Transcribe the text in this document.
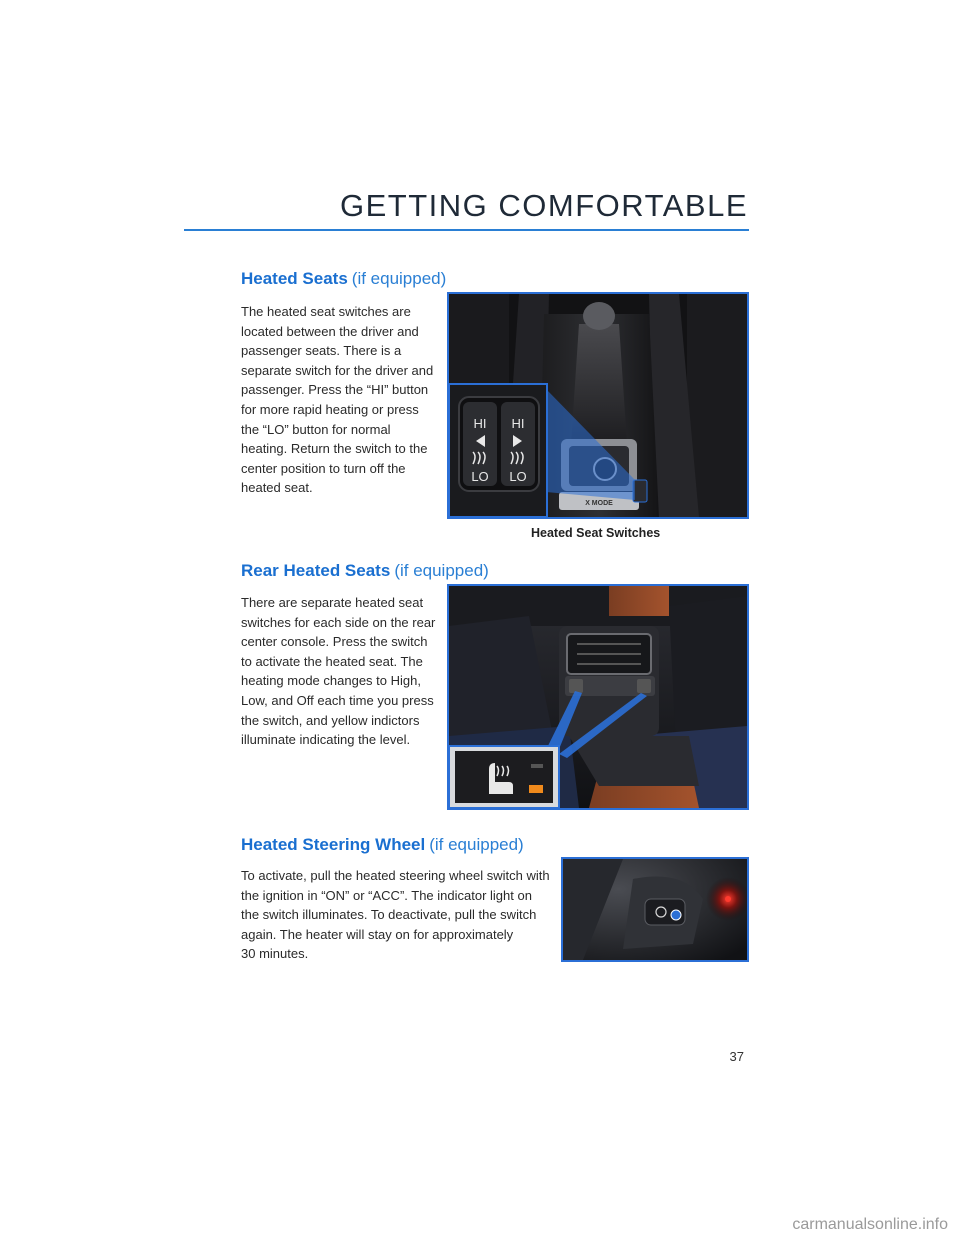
GETTING COMFORTABLE
Heated Seats (if equipped)
The heated seat switches are
located between the driver and
passenger seats. There is a
separate switch for the driver and
passenger. Press the “HI” button
for more rapid heating or press
the “LO” button for normal
heating. Return the switch to the
center position to turn off the
heated seat.
X MODE
HI HI
LO LO
Heated Seat Switches
Rear Heated Seats (if equipped)
There are separate heated seat
switches for each side on the rear
center console. Press the switch
to activate the heated seat. The
heating mode changes to High,
Low, and Off each time you press
the switch, and yellow indictors
illuminate indicating the level.
Heated Steering Wheel (if equipped)
To activate, pull the heated steering wheel switch with
the ignition in “ON” or “ACC”. The indicator light on
the switch illuminates. To deactivate, pull the switch
again. The heater will stay on for approximately
30 minutes.
37
carmanualsonline.info
